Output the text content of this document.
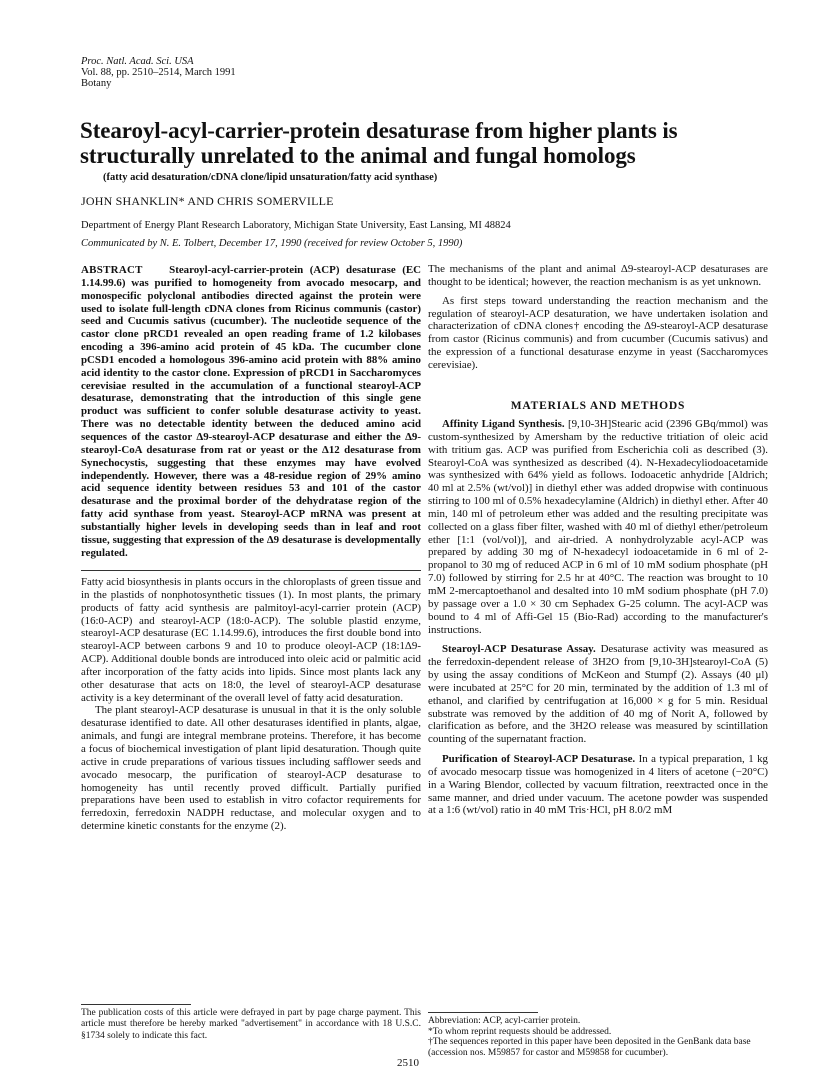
Proc. Natl. Acad. Sci. USA
Vol. 88, pp. 2510–2514, March 1991
Botany
Stearoyl-acyl-carrier-protein desaturase from higher plants is structurally unrelated to the animal and fungal homologs
(fatty acid desaturation/cDNA clone/lipid unsaturation/fatty acid synthase)
JOHN SHANKLIN* AND CHRIS SOMERVILLE
Department of Energy Plant Research Laboratory, Michigan State University, East Lansing, MI 48824
Communicated by N. E. Tolbert, December 17, 1990 (received for review October 5, 1990)

ABSTRACT Stearoyl-acyl-carrier-protein (ACP) desaturase (EC 1.14.99.6) was purified to homogeneity from avocado mesocarp, and monospecific polyclonal antibodies directed against the protein were used to isolate full-length cDNA clones from Ricinus communis (castor) seed and Cucumis sativus (cucumber). The nucleotide sequence of the castor clone pRCD1 revealed an open reading frame of 1.2 kilobases encoding a 396-amino acid protein of 45 kDa. The cucumber clone pCSD1 encoded a homologous 396-amino acid protein with 88% amino acid identity to the castor clone. Expression of pRCD1 in Saccharomyces cerevisiae resulted in the accumulation of a functional stearoyl-ACP desaturase, demonstrating that the introduction of this single gene product was sufficient to confer soluble desaturase activity to yeast. There was no detectable identity between the deduced amino acid sequences of the castor Δ9-stearoyl-ACP desaturase and either the Δ9-stearoyl-CoA desaturase from rat or yeast or the Δ12 desaturase from Synechocystis, suggesting that these enzymes may have evolved independently. However, there was a 48-residue region of 29% amino acid sequence identity between residues 53 and 101 of the castor desaturase and the proximal border of the dehydratase region of the fatty acid synthase from yeast. Stearoyl-ACP mRNA was present at substantially higher levels in developing seeds than in leaf and root tissue, suggesting that expression of the Δ9 desaturase is developmentally regulated.

Fatty acid biosynthesis in plants occurs in the chloroplasts of green tissue and in the plastids of nonphotosynthetic tissues (1). In most plants, the primary products of fatty acid synthesis are palmitoyl-acyl-carrier protein (ACP) (16:0-ACP) and stearoyl-ACP (18:0-ACP). The soluble plastid enzyme, stearoyl-ACP desaturase (EC 1.14.99.6), introduces the first double bond into stearoyl-ACP between carbons 9 and 10 to produce oleoyl-ACP (18:1Δ9-ACP). Additional double bonds are introduced into oleic acid or palmitic acid after incorporation of the fatty acids into lipids. Since most plants lack any other desaturase that acts on 18:0, the level of stearoyl-ACP desaturase activity is a key determinant of the overall level of fatty acid desaturation.

The plant stearoyl-ACP desaturase is unusual in that it is the only soluble desaturase identified to date. All other desaturases identified in plants, algae, animals, and fungi are integral membrane proteins. Therefore, it has become a focus of biochemical investigation of plant lipid desaturation. Though quite active in crude preparations of various tissues including safflower seeds and avocado mesocarp, the purification of stearoyl-ACP desaturase to homogeneity has until recently proved difficult. Partially purified preparations have been used to establish in vitro cofactor requirements for ferredoxin, ferredoxin NADPH reductase, and molecular oxygen and to determine kinetic constants for the enzyme (2).

The mechanisms of the plant and animal Δ9-stearoyl-ACP desaturases are thought to be identical; however, the reaction mechanism is as yet unknown.

As first steps toward understanding the reaction mechanism and the regulation of stearoyl-ACP desaturation, we have undertaken isolation and characterization of cDNA clones† encoding the Δ9-stearoyl-ACP desaturase from castor (Ricinus communis) and from cucumber (Cucumis sativus) and the expression of a functional desaturase enzyme in yeast (Saccharomyces cerevisiae).

MATERIALS AND METHODS

Affinity Ligand Synthesis. [9,10-3H]Stearic acid (2396 GBq/mmol) was custom-synthesized by Amersham by the reductive tritiation of oleic acid with tritium gas. ACP was purified from Escherichia coli as described (3). Stearoyl-CoA was synthesized as described (4). N-Hexadecyliodoacetamide was synthesized with 64% yield as follows. Iodoacetic anhydride [Aldrich; 40 ml at 2.5% (wt/vol)] in diethyl ether was added dropwise with continuous stirring to 100 ml of 0.5% hexadecylamine (Aldrich) in diethyl ether. After 40 min, 140 ml of petroleum ether was added and the resulting precipitate was collected on a glass fiber filter, washed with 40 ml of diethyl ether/petroleum ether [1:1 (vol/vol)], and air-dried. A nonhydrolyzable acyl-ACP was prepared by adding 30 mg of N-hexadecyl iodoacetamide in 6 ml of 2-propanol to 30 mg of reduced ACP in 6 ml of 10 mM sodium phosphate (pH 7.0) followed by stirring for 2.5 hr at 40°C. The reaction was brought to 10 mM 2-mercaptoethanol and desalted into 10 mM sodium phosphate (pH 7.0) by passage over a 1.0 × 30 cm Sephadex G-25 column. The acyl-ACP was bound to 4 ml of Affi-Gel 15 (Bio-Rad) according to the manufacturer's instructions.

Stearoyl-ACP Desaturase Assay. Desaturase activity was measured as the ferredoxin-dependent release of 3H2O from [9,10-3H]stearoyl-CoA (5) by using the assay conditions of McKeon and Stumpf (2). Assays (40 μl) were incubated at 25°C for 20 min, terminated by the addition of 1.3 ml of ethanol, and clarified by centrifugation at 16,000 × g for 5 min. Residual substrate was removed by the addition of 40 mg of Norit A, followed by clarification as before, and the 3H2O release was measured by scintillation counting of the supernatant fraction.

Purification of Stearoyl-ACP Desaturase. In a typical preparation, 1 kg of avocado mesocarp tissue was homogenized in 4 liters of acetone (−20°C) in a Waring Blendor, collected by vacuum filtration, reextracted once in the same manner, and dried under vacuum. The acetone powder was suspended at a 1:6 (wt/vol) ratio in 40 mM Tris·HCl, pH 8.0/2 mM

The publication costs of this article were defrayed in part by page charge payment. This article must therefore be hereby marked "advertisement" in accordance with 18 U.S.C. §1734 solely to indicate this fact.
Abbreviation: ACP, acyl-carrier protein.
*To whom reprint requests should be addressed.
†The sequences reported in this paper have been deposited in the GenBank data base (accession nos. M59857 for castor and M59858 for cucumber).
2510
